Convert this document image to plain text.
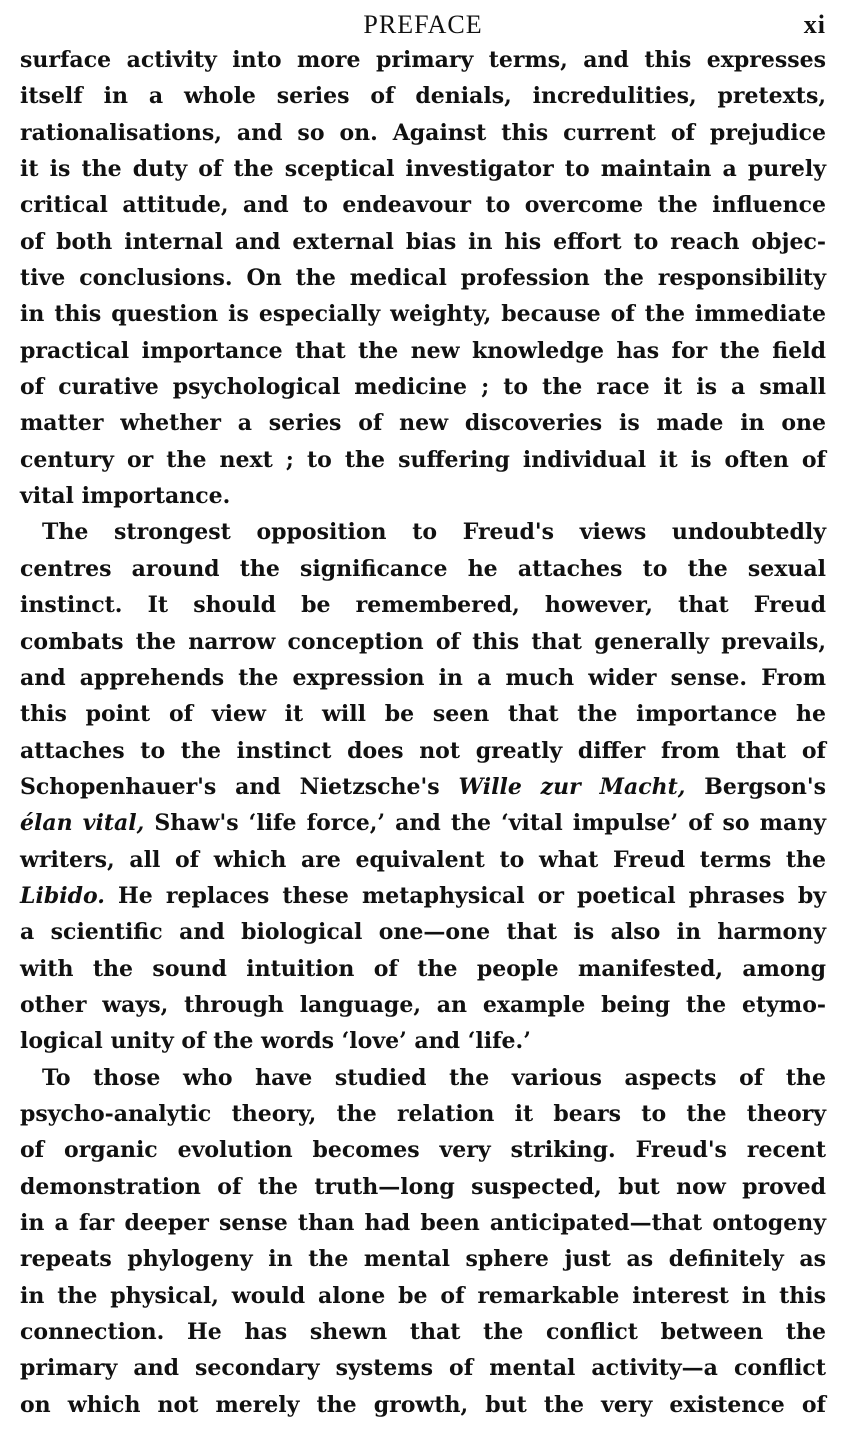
PREFACE	xi
surface activity into more primary terms, and this expresses
itself in a whole series of denials, incredulities, pretexts,
rationalisations, and so on. Against this current of prejudice
it is the duty of the sceptical investigator to maintain a purely
critical attitude, and to endeavour to overcome the influence
of both internal and external bias in his effort to reach objec-
tive conclusions. On the medical profession the responsibility
in this question is especially weighty, because of the immediate
practical importance that the new knowledge has for the field
of curative psychological medicine ; to the race it is a small
matter whether a series of new discoveries is made in one
century or the next ; to the suffering individual it is often of
vital importance.
The strongest opposition to Freud's views undoubtedly
centres around the significance he attaches to the sexual
instinct. It should be remembered, however, that Freud
combats the narrow conception of this that generally prevails,
and apprehends the expression in a much wider sense. From
this point of view it will be seen that the importance he
attaches to the instinct does not greatly differ from that of
Schopenhauer's and Nietzsche's Wille zur Macht, Bergson's
élan vital, Shaw's ‘life force,’ and the ‘vital impulse’ of so many
writers, all of which are equivalent to what Freud terms the
Libido. He replaces these metaphysical or poetical phrases by
a scientific and biological one—one that is also in harmony
with the sound intuition of the people manifested, among
other ways, through language, an example being the etymo-
logical unity of the words ‘love’ and ‘life.’
To those who have studied the various aspects of the
psycho-analytic theory, the relation it bears to the theory
of organic evolution becomes very striking. Freud's recent
demonstration of the truth—long suspected, but now proved
in a far deeper sense than had been anticipated—that ontogeny
repeats phylogeny in the mental sphere just as definitely as
in the physical, would alone be of remarkable interest in this
connection. He has shewn that the conflict between the
primary and secondary systems of mental activity—a conflict
on which not merely the growth, but the very existence of
